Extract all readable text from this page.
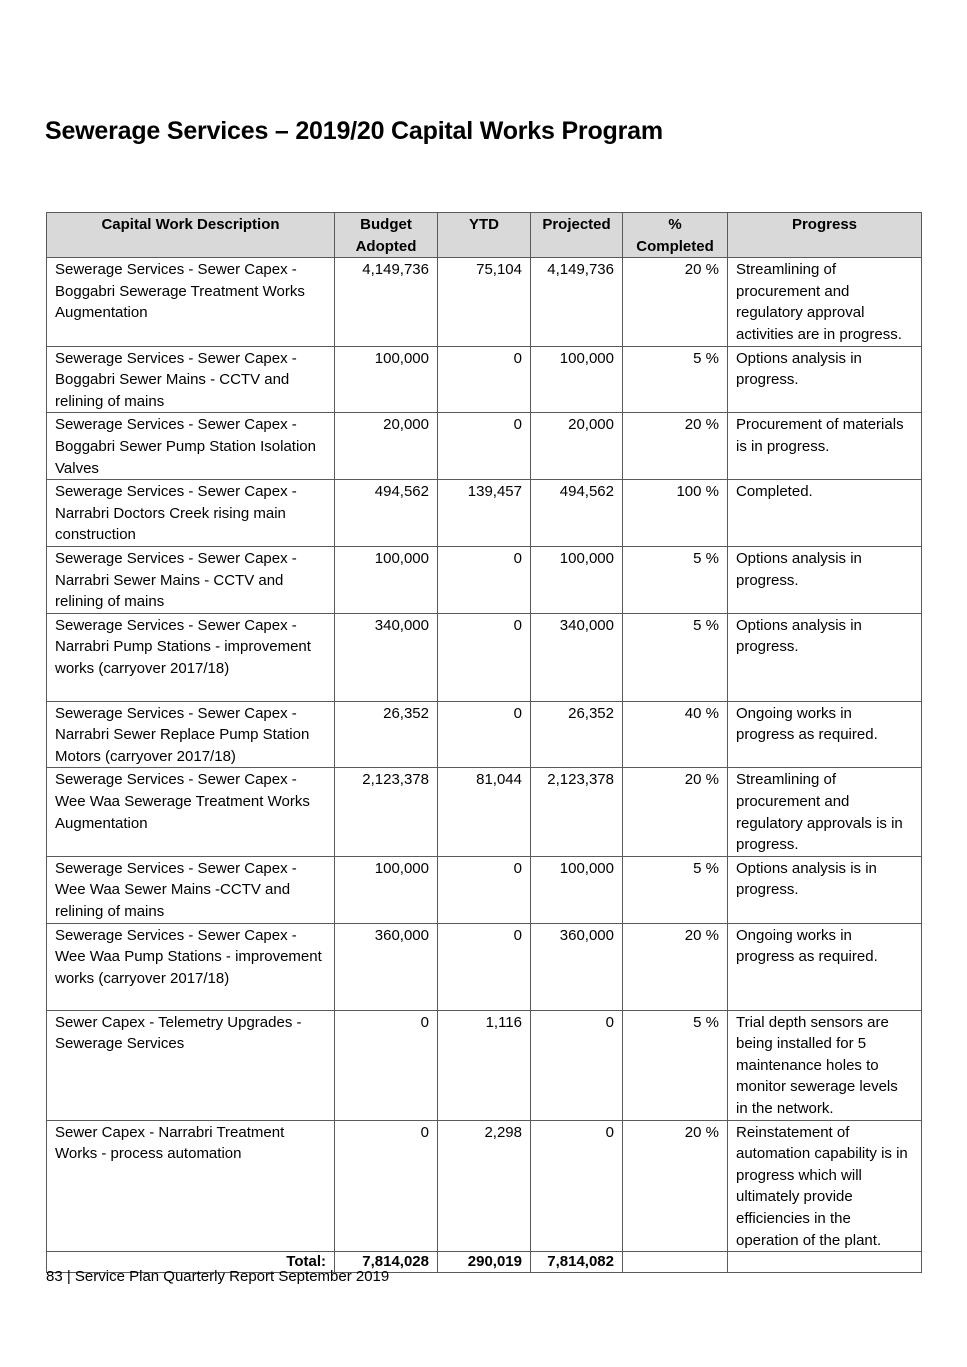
Sewerage Services – 2019/20 Capital Works Program
Capital Work Description	Budget Adopted	YTD	Projected	% Completed	Progress
Sewerage Services - Sewer Capex - Boggabri Sewerage Treatment Works Augmentation	4,149,736	75,104	4,149,736	20 %	Streamlining of procurement and regulatory approval activities are in progress.
Sewerage Services - Sewer Capex - Boggabri Sewer Mains - CCTV and relining of mains	100,000	0	100,000	5 %	Options analysis in progress.
Sewerage Services - Sewer Capex - Boggabri Sewer Pump Station Isolation Valves	20,000	0	20,000	20 %	Procurement of materials is in progress.
Sewerage Services - Sewer Capex - Narrabri Doctors Creek rising main construction	494,562	139,457	494,562	100 %	Completed.
Sewerage Services - Sewer Capex - Narrabri Sewer Mains - CCTV and relining of mains	100,000	0	100,000	5 %	Options analysis in progress.
Sewerage Services - Sewer Capex - Narrabri Pump Stations - improvement works (carryover 2017/18)	340,000	0	340,000	5 %	Options analysis in progress.
Sewerage Services - Sewer Capex - Narrabri Sewer Replace Pump Station Motors (carryover 2017/18)	26,352	0	26,352	40 %	Ongoing works in progress as required.
Sewerage Services - Sewer Capex - Wee Waa Sewerage Treatment Works Augmentation	2,123,378	81,044	2,123,378	20 %	Streamlining of procurement and regulatory approvals is in progress.
Sewerage Services - Sewer Capex - Wee Waa Sewer Mains -CCTV and relining of mains	100,000	0	100,000	5 %	Options analysis is in progress.
Sewerage Services - Sewer Capex - Wee Waa Pump Stations - improvement works (carryover 2017/18)	360,000	0	360,000	20 %	Ongoing works in progress as required.
Sewer Capex - Telemetry Upgrades - Sewerage Services	0	1,116	0	5 %	Trial depth sensors are being installed for 5 maintenance holes to monitor sewerage levels in the network.
Sewer Capex - Narrabri Treatment Works - process automation	0	2,298	0	20 %	Reinstatement of automation capability is in progress which will ultimately provide efficiencies in the operation of the plant.
Total:	7,814,028	290,019	7,814,082		
83 | Service Plan Quarterly Report September 2019
